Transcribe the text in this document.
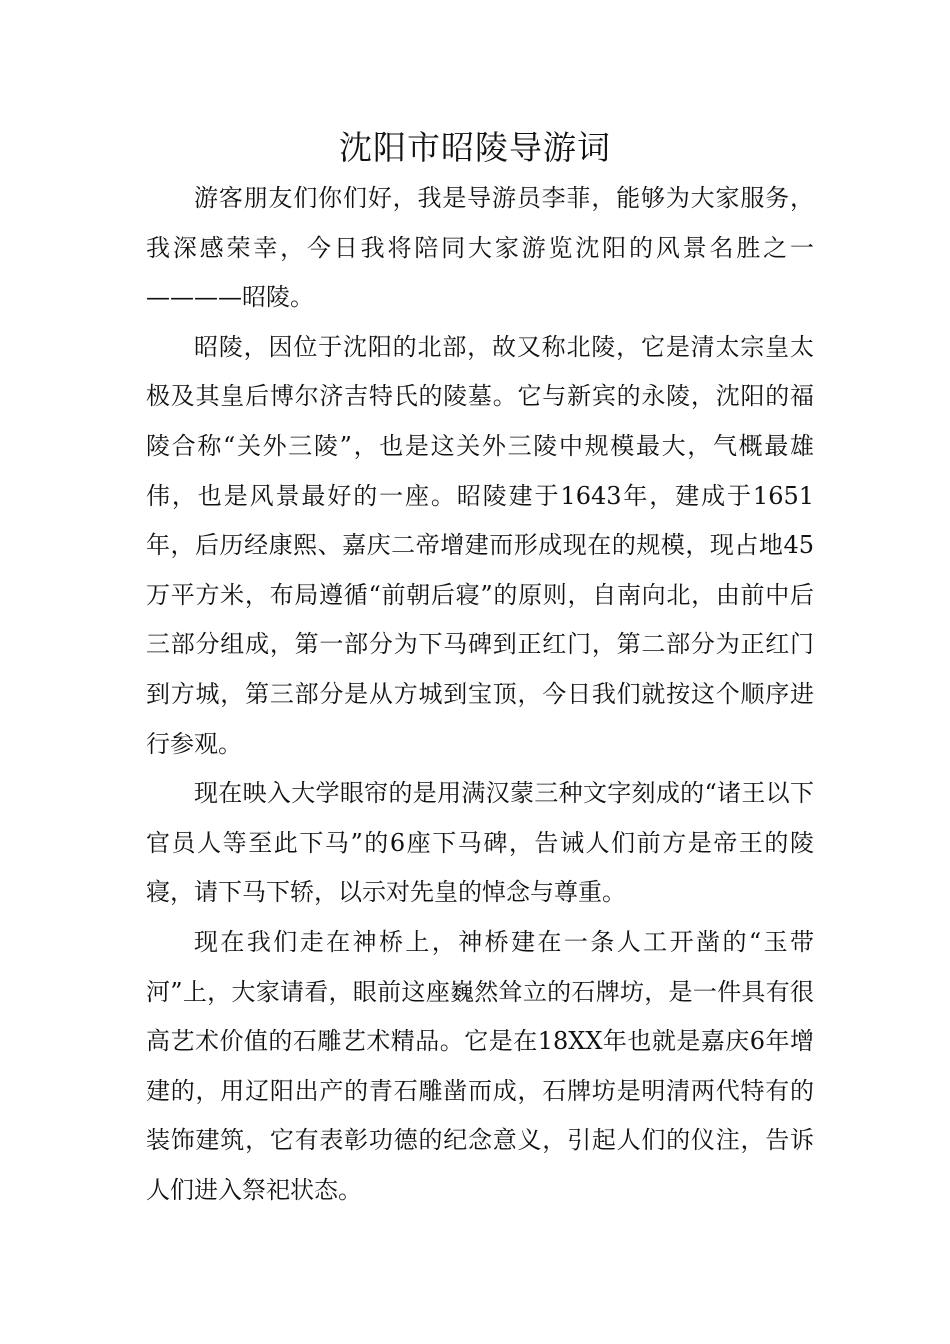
沈阳市昭陵导游词

游客朋友们你们好，我是导游员李菲，能够为大家服务，我深感荣幸，今日我将陪同大家游览沈阳的风景名胜之一————昭陵。

昭陵，因位于沈阳的北部，故又称北陵，它是清太宗皇太极及其皇后博尔济吉特氏的陵墓。它与新宾的永陵，沈阳的福陵合称“关外三陵”，也是这关外三陵中规模最大，气概最雄伟，也是风景最好的一座。昭陵建于1643年，建成于1651年，后历经康熙、嘉庆二帝增建而形成现在的规模，现占地45万平方米，布局遵循“前朝后寝”的原则，自南向北，由前中后三部分组成，第一部分为下马碑到正红门，第二部分为正红门到方城，第三部分是从方城到宝顶，今日我们就按这个顺序进行参观。

现在映入大学眼帘的是用满汉蒙三种文字刻成的“诸王以下官员人等至此下马”的6座下马碑，告诫人们前方是帝王的陵寝，请下马下轿，以示对先皇的悼念与尊重。

现在我们走在神桥上，神桥建在一条人工开凿的“玉带河”上，大家请看，眼前这座巍然耸立的石牌坊，是一件具有很高艺术价值的石雕艺术精品。它是在18XX年也就是嘉庆6年增建的，用辽阳出产的青石雕凿而成，石牌坊是明清两代特有的装饰建筑，它有表彰功德的纪念意义，引起人们的仪注，告诉人们进入祭祀状态。
